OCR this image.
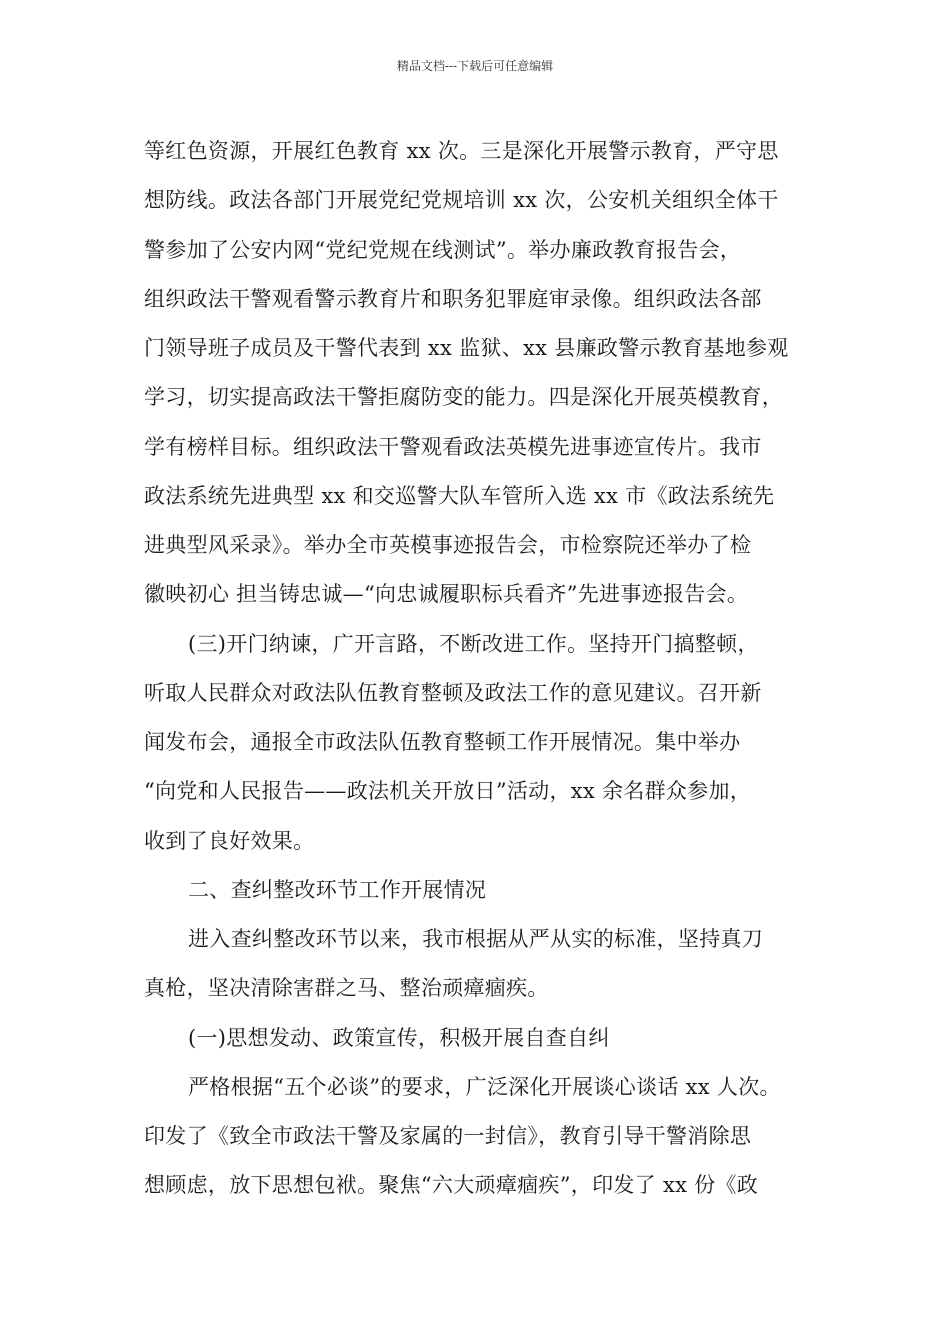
精品文档---下载后可任意编辑
等红色资源，开展红色教育 xx 次。三是深化开展警示教育，严守思
想防线。政法各部门开展党纪党规培训 xx 次，公安机关组织全体干
警参加了公安内网“党纪党规在线测试”。举办廉政教育报告会，
组织政法干警观看警示教育片和职务犯罪庭审录像。组织政法各部
门领导班子成员及干警代表到 xx 监狱、xx 县廉政警示教育基地参观
学习，切实提高政法干警拒腐防变的能力。四是深化开展英模教育，
学有榜样目标。组织政法干警观看政法英模先进事迹宣传片。我市
政法系统先进典型 xx 和交巡警大队车管所入选 xx 市《政法系统先
进典型风采录》。举办全市英模事迹报告会，市检察院还举办了检
徽映初心 担当铸忠诚—“向忠诚履职标兵看齐”先进事迹报告会。
(三)开门纳谏，广开言路，不断改进工作。坚持开门搞整顿，
听取人民群众对政法队伍教育整顿及政法工作的意见建议。召开新
闻发布会，通报全市政法队伍教育整顿工作开展情况。集中举办
“向党和人民报告——政法机关开放日”活动，xx 余名群众参加，
收到了良好效果。
二、查纠整改环节工作开展情况
进入查纠整改环节以来，我市根据从严从实的标准，坚持真刀
真枪，坚决清除害群之马、整治顽瘴痼疾。
(一)思想发动、政策宣传，积极开展自查自纠
严格根据“五个必谈”的要求，广泛深化开展谈心谈话 xx 人次。
印发了《致全市政法干警及家属的一封信》，教育引导干警消除思
想顾虑，放下思想包袱。聚焦“六大顽瘴痼疾”，印发了 xx 份《政
